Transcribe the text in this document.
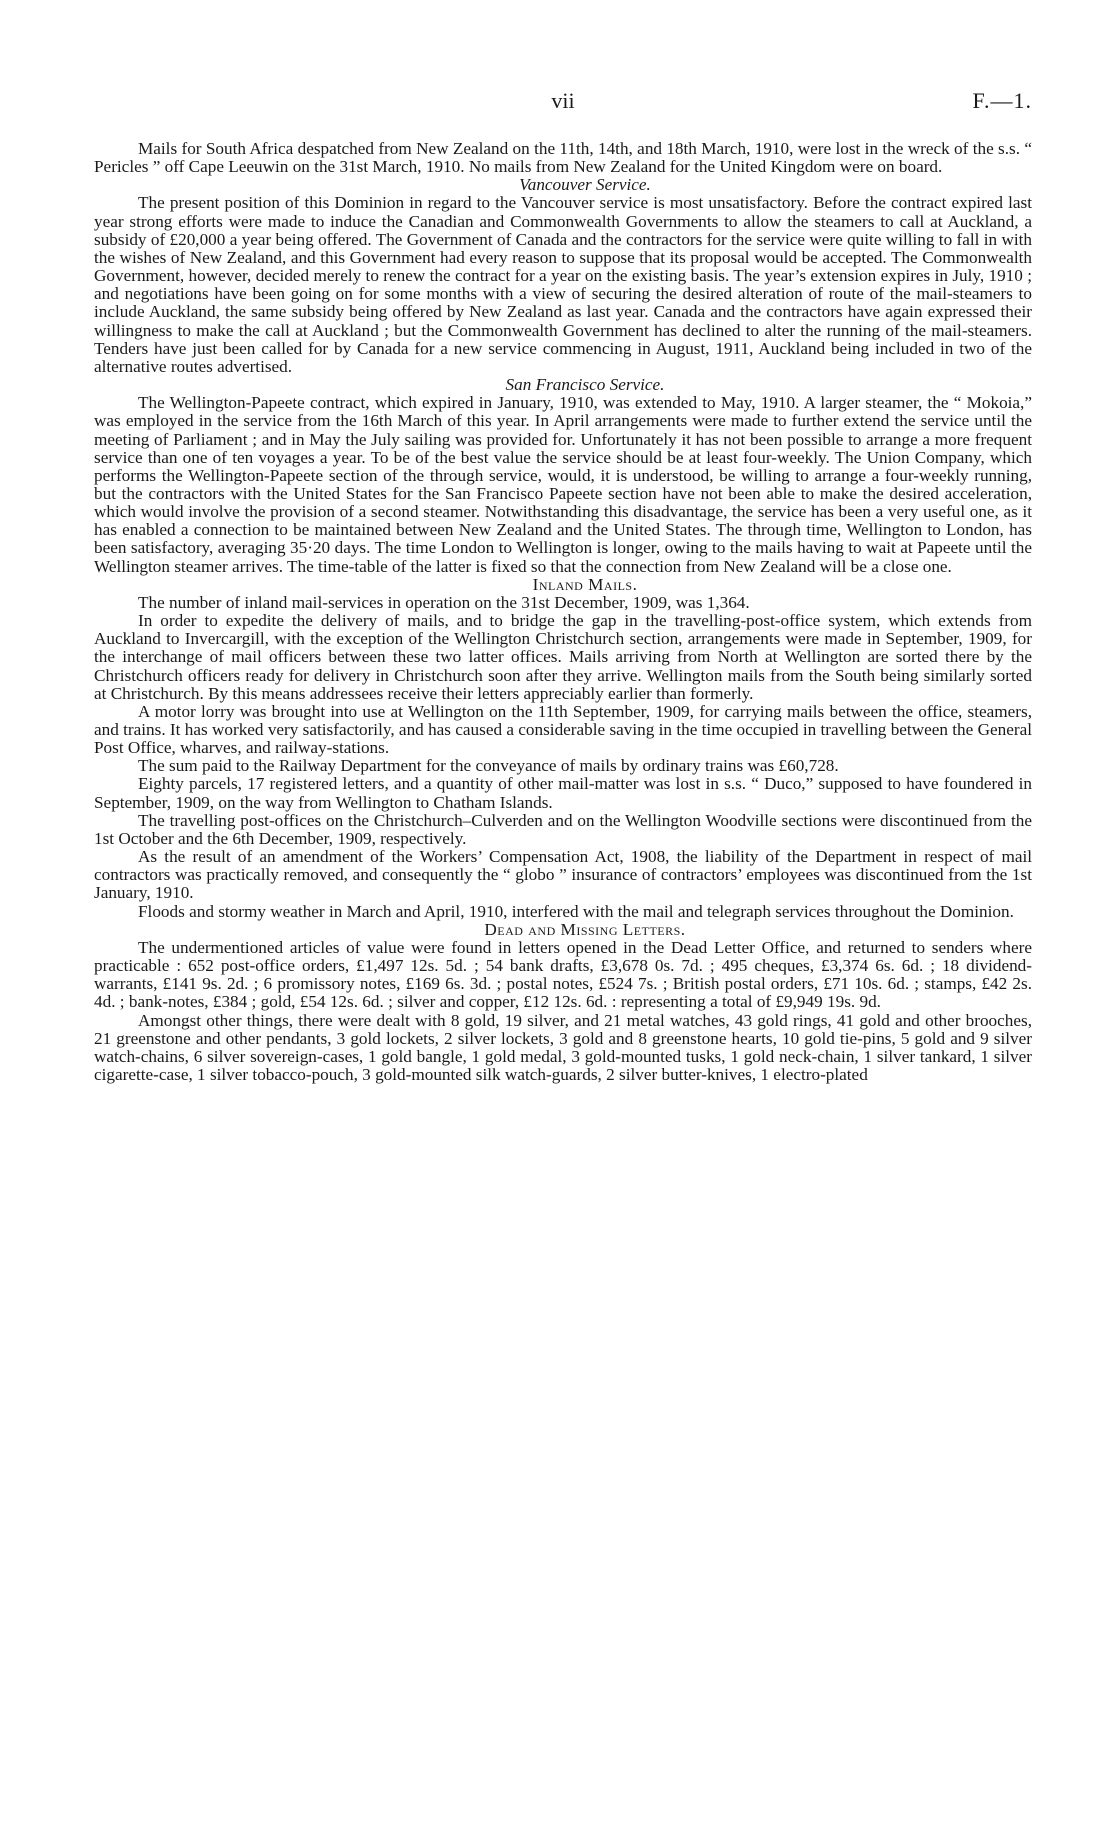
vii	F.—1.

Mails for South Africa despatched from New Zealand on the 11th, 14th, and 18th March, 1910, were lost in the wreck of the s.s. “ Pericles ” off Cape Leeuwin on the 31st March, 1910. No mails from New Zealand for the United Kingdom were on board.

Vancouver Service.

The present position of this Dominion in regard to the Vancouver service is most unsatisfactory. Before the contract expired last year strong efforts were made to induce the Canadian and Commonwealth Governments to allow the steamers to call at Auckland, a subsidy of £20,000 a year being offered. The Government of Canada and the contractors for the service were quite willing to fall in with the wishes of New Zealand, and this Government had every reason to suppose that its proposal would be accepted. The Commonwealth Government, however, decided merely to renew the contract for a year on the existing basis. The year’s extension expires in July, 1910 ; and negotiations have been going on for some months with a view of securing the desired alteration of route of the mail-steamers to include Auckland, the same subsidy being offered by New Zealand as last year. Canada and the contractors have again expressed their willingness to make the call at Auckland ; but the Commonwealth Government has declined to alter the running of the mail-steamers. Tenders have just been called for by Canada for a new service commencing in August, 1911, Auckland being included in two of the alternative routes advertised.

San Francisco Service.

The Wellington-Papeete contract, which expired in January, 1910, was extended to May, 1910. A larger steamer, the “ Mokoia,” was employed in the service from the 16th March of this year. In April arrangements were made to further extend the service until the meeting of Parliament ; and in May the July sailing was provided for. Unfortunately it has not been possible to arrange a more frequent service than one of ten voyages a year. To be of the best value the service should be at least four-weekly. The Union Company, which performs the Wellington-Papeete section of the through service, would, it is understood, be willing to arrange a four-weekly running, but the contractors with the United States for the San Francisco Papeete section have not been able to make the desired acceleration, which would involve the provision of a second steamer. Notwithstanding this disadvantage, the service has been a very useful one, as it has enabled a connection to be maintained between New Zealand and the United States. The through time, Wellington to London, has been satisfactory, averaging 35·20 days. The time London to Wellington is longer, owing to the mails having to wait at Papeete until the Wellington steamer arrives. The time-table of the latter is fixed so that the connection from New Zealand will be a close one.

Inland Mails.

The number of inland mail-services in operation on the 31st December, 1909, was 1,364.

In order to expedite the delivery of mails, and to bridge the gap in the travelling-post-office system, which extends from Auckland to Invercargill, with the exception of the Wellington Christchurch section, arrangements were made in September, 1909, for the interchange of mail officers between these two latter offices. Mails arriving from North at Wellington are sorted there by the Christchurch officers ready for delivery in Christchurch soon after they arrive. Wellington mails from the South being similarly sorted at Christchurch. By this means addressees receive their letters appreciably earlier than formerly.

A motor lorry was brought into use at Wellington on the 11th September, 1909, for carrying mails between the office, steamers, and trains. It has worked very satisfactorily, and has caused a considerable saving in the time occupied in travelling between the General Post Office, wharves, and railway-stations.

The sum paid to the Railway Department for the conveyance of mails by ordinary trains was £60,728.

Eighty parcels, 17 registered letters, and a quantity of other mail-matter was lost in s.s. “ Duco,” supposed to have foundered in September, 1909, on the way from Wellington to Chatham Islands.

The travelling post-offices on the Christchurch–Culverden and on the Wellington Woodville sections were discontinued from the 1st October and the 6th December, 1909, respectively.

As the result of an amendment of the Workers’ Compensation Act, 1908, the liability of the Department in respect of mail contractors was practically removed, and consequently the “ globo ” insurance of contractors’ employees was discontinued from the 1st January, 1910.

Floods and stormy weather in March and April, 1910, interfered with the mail and telegraph services throughout the Dominion.

Dead and Missing Letters.

The undermentioned articles of value were found in letters opened in the Dead Letter Office, and returned to senders where practicable : 652 post-office orders, £1,497 12s. 5d. ; 54 bank drafts, £3,678 0s. 7d. ; 495 cheques, £3,374 6s. 6d. ; 18 dividend-warrants, £141 9s. 2d. ; 6 promissory notes, £169 6s. 3d. ; postal notes, £524 7s. ; British postal orders, £71 10s. 6d. ; stamps, £42 2s. 4d. ; bank-notes, £384 ; gold, £54 12s. 6d. ; silver and copper, £12 12s. 6d. : representing a total of £9,949 19s. 9d.

Amongst other things, there were dealt with 8 gold, 19 silver, and 21 metal watches, 43 gold rings, 41 gold and other brooches, 21 greenstone and other pendants, 3 gold lockets, 2 silver lockets, 3 gold and 8 greenstone hearts, 10 gold tie-pins, 5 gold and 9 silver watch-chains, 6 silver sovereign-cases, 1 gold bangle, 1 gold medal, 3 gold-mounted tusks, 1 gold neck-chain, 1 silver tankard, 1 silver cigarette-case, 1 silver tobacco-pouch, 3 gold-mounted silk watch-guards, 2 silver butter-knives, 1 electro-plated
